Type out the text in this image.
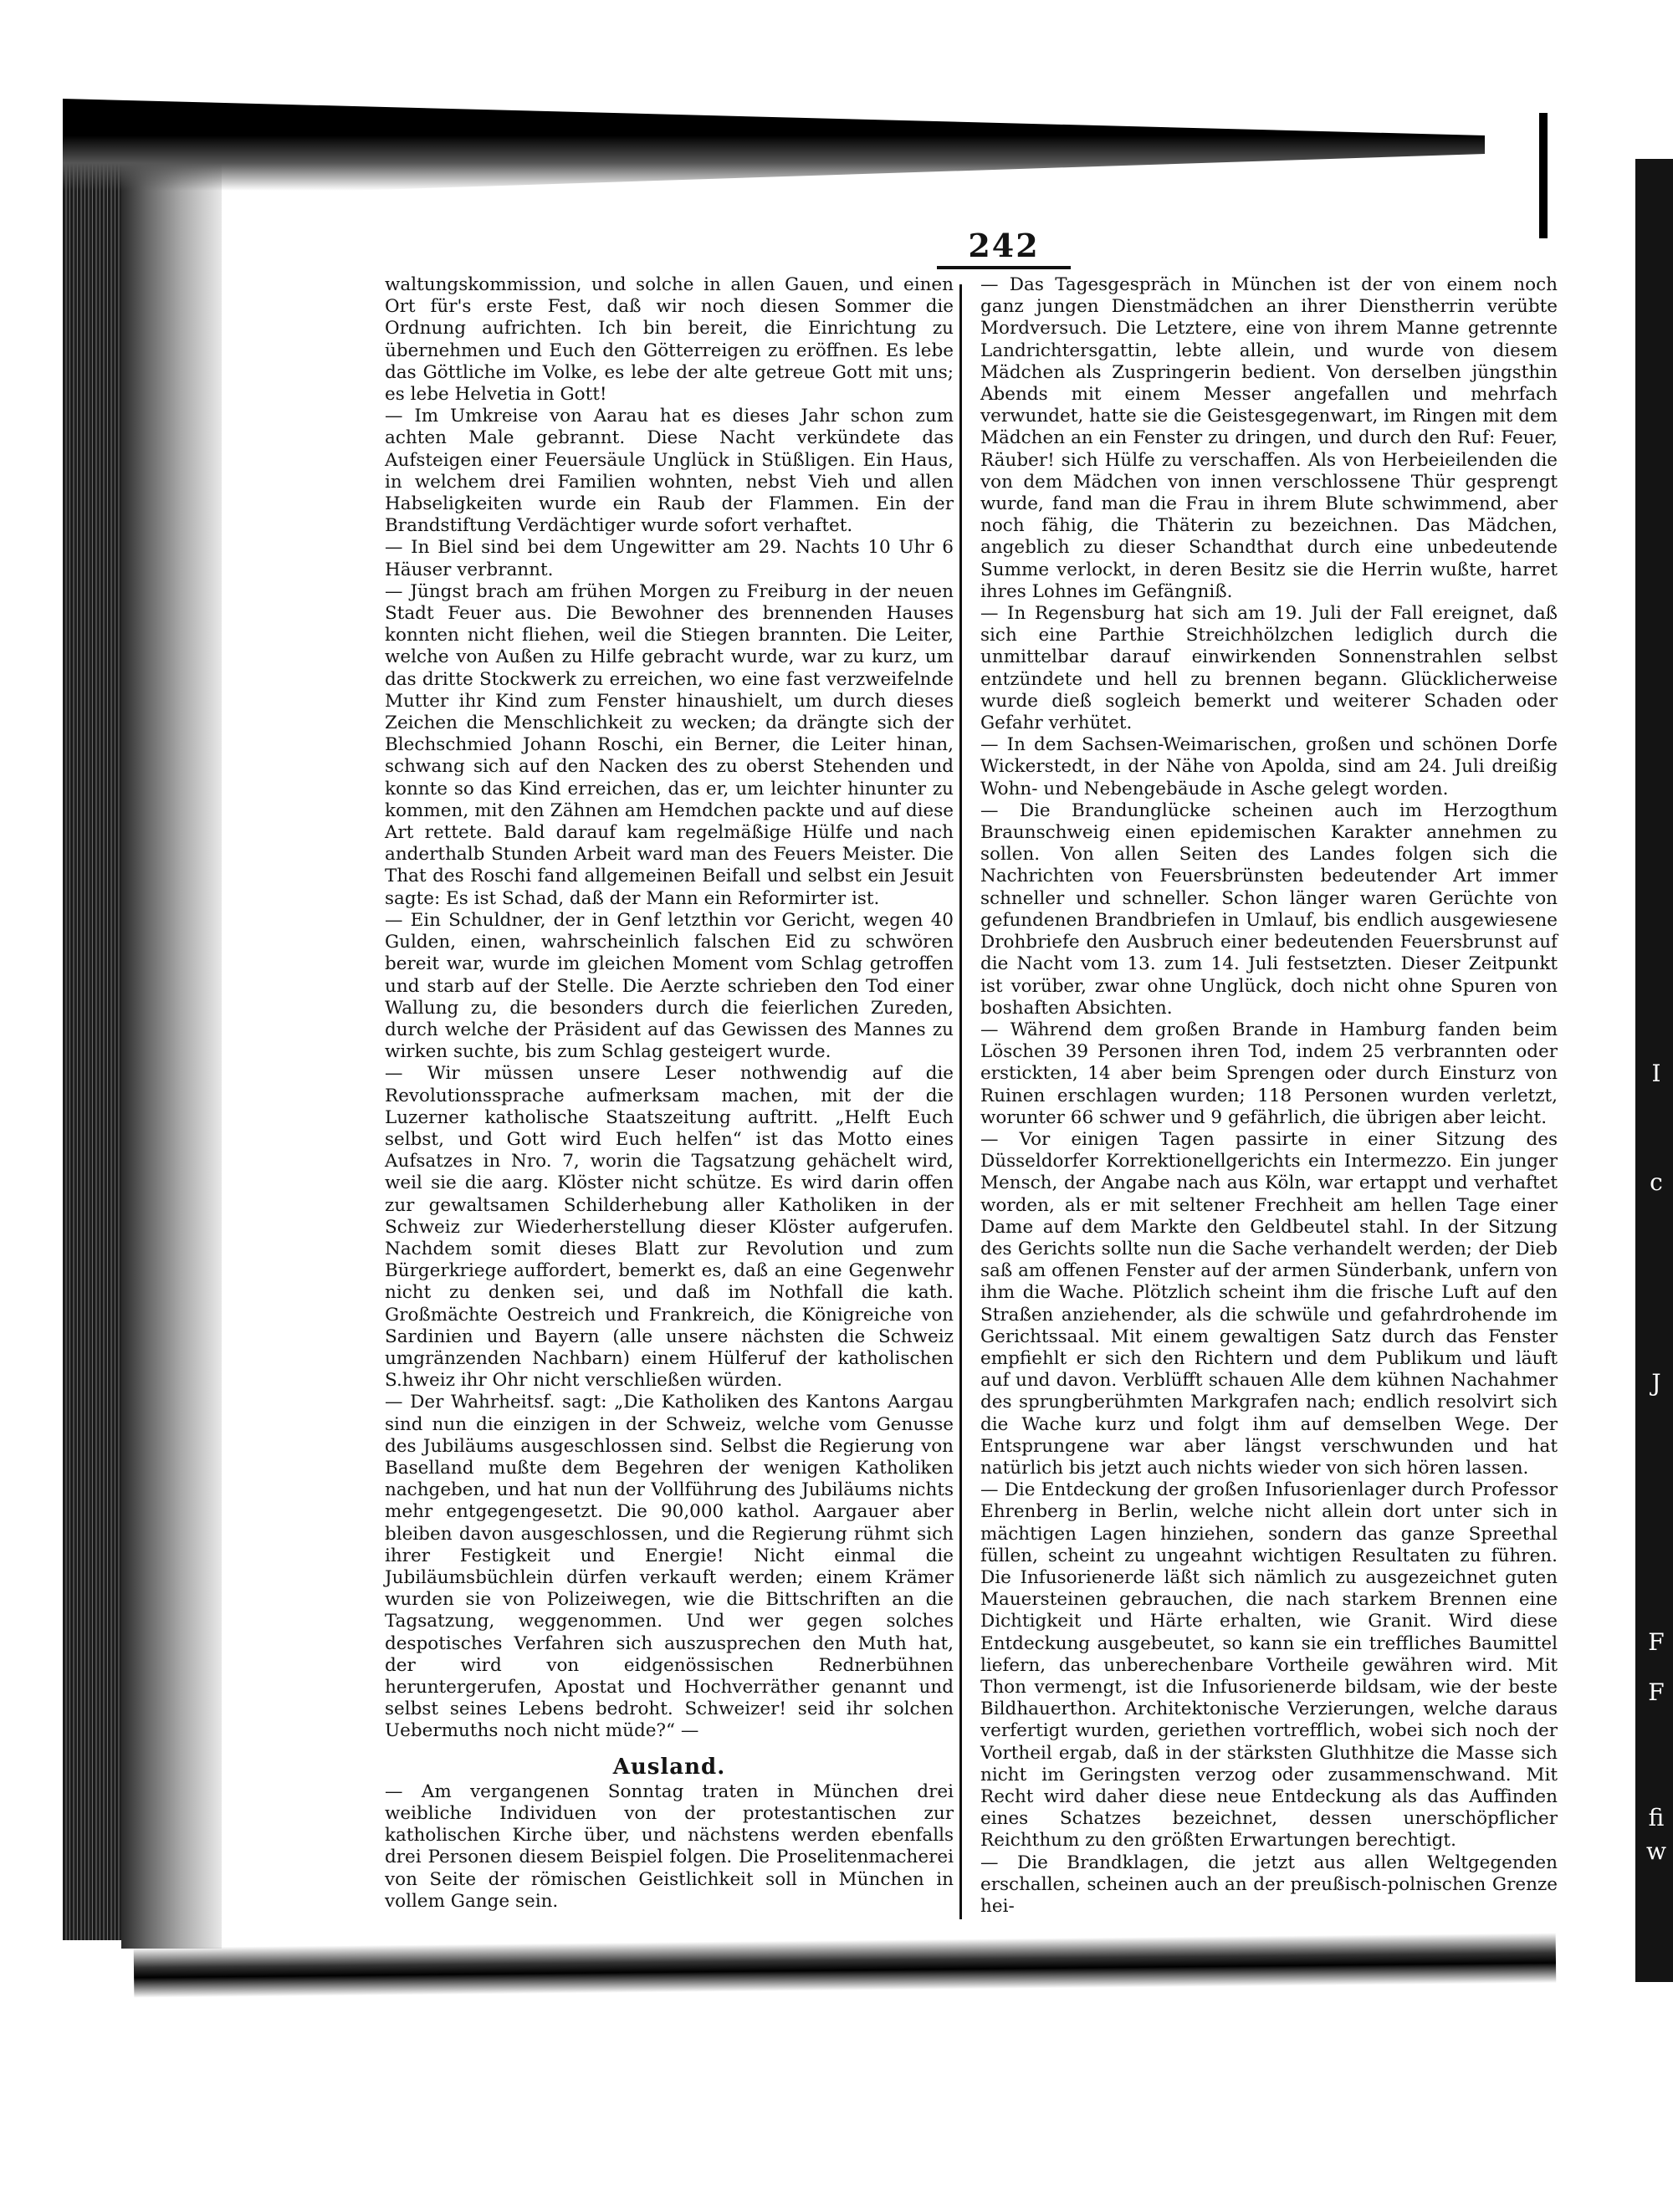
I
c
J
F
F
fi
w
242

waltungskommission, und solche in allen Gauen, und einen Ort für's erste Fest, daß wir noch diesen Sommer die Ordnung aufrichten. Ich bin bereit, die Einrichtung zu übernehmen und Euch den Götterreigen zu eröffnen. Es lebe das Göttliche im Volke, es lebe der alte getreue Gott mit uns; es lebe Helvetia in Gott!

— Im Umkreise von Aarau hat es dieses Jahr schon zum achten Male gebrannt. Diese Nacht verkündete das Aufsteigen einer Feuersäule Unglück in Stüßligen. Ein Haus, in welchem drei Familien wohnten, nebst Vieh und allen Habseligkeiten wurde ein Raub der Flammen. Ein der Brandstiftung Verdächtiger wurde sofort verhaftet.

— In Biel sind bei dem Ungewitter am 29. Nachts 10 Uhr 6 Häuser verbrannt.

— Jüngst brach am frühen Morgen zu Freiburg in der neuen Stadt Feuer aus. Die Bewohner des brennenden Hauses konnten nicht fliehen, weil die Stiegen brannten. Die Leiter, welche von Außen zu Hilfe gebracht wurde, war zu kurz, um das dritte Stockwerk zu erreichen, wo eine fast verzweifelnde Mutter ihr Kind zum Fenster hinaushielt, um durch dieses Zeichen die Menschlichkeit zu wecken; da drängte sich der Blechschmied Johann Roschi, ein Berner, die Leiter hinan, schwang sich auf den Nacken des zu oberst Stehenden und konnte so das Kind erreichen, das er, um leichter hinunter zu kommen, mit den Zähnen am Hemdchen packte und auf diese Art rettete. Bald darauf kam regelmäßige Hülfe und nach anderthalb Stunden Arbeit ward man des Feuers Meister. Die That des Roschi fand allgemeinen Beifall und selbst ein Jesuit sagte: Es ist Schad, daß der Mann ein Reformirter ist.

— Ein Schuldner, der in Genf letzthin vor Gericht, wegen 40 Gulden, einen, wahrscheinlich falschen Eid zu schwören bereit war, wurde im gleichen Moment vom Schlag getroffen und starb auf der Stelle. Die Aerzte schrieben den Tod einer Wallung zu, die besonders durch die feierlichen Zureden, durch welche der Präsident auf das Gewissen des Mannes zu wirken suchte, bis zum Schlag gesteigert wurde.

— Wir müssen unsere Leser nothwendig auf die Revolutionssprache aufmerksam machen, mit der die Luzerner katholische Staatszeitung auftritt. „Helft Euch selbst, und Gott wird Euch helfen“ ist das Motto eines Aufsatzes in Nro. 7, worin die Tagsatzung gehächelt wird, weil sie die aarg. Klöster nicht schütze. Es wird darin offen zur gewaltsamen Schilderhebung aller Katholiken in der Schweiz zur Wiederherstellung dieser Klöster aufgerufen. Nachdem somit dieses Blatt zur Revolution und zum Bürgerkriege auffordert, bemerkt es, daß an eine Gegenwehr nicht zu denken sei, und daß im Nothfall die kath. Großmächte Oestreich und Frankreich, die Königreiche von Sardinien und Bayern (alle unsere nächsten die Schweiz umgränzenden Nachbarn) einem Hülferuf der katholischen S.hweiz ihr Ohr nicht verschließen würden.

— Der Wahrheitsf. sagt: „Die Katholiken des Kantons Aargau sind nun die einzigen in der Schweiz, welche vom Genusse des Jubiläums ausgeschlossen sind. Selbst die Regierung von Baselland mußte dem Begehren der wenigen Katholiken nachgeben, und hat nun der Vollführung des Jubiläums nichts mehr entgegengesetzt. Die 90,000 kathol. Aargauer aber bleiben davon ausgeschlossen, und die Regierung rühmt sich ihrer Festigkeit und Energie! Nicht einmal die Jubiläumsbüchlein dürfen verkauft werden; einem Krämer wurden sie von Polizeiwegen, wie die Bittschriften an die Tagsatzung, weggenommen. Und wer gegen solches despotisches Verfahren sich auszusprechen den Muth hat, der wird von eidgenössischen Rednerbühnen heruntergerufen, Apostat und Hochverräther genannt und selbst seines Lebens bedroht. Schweizer! seid ihr solchen Uebermuths noch nicht müde?“ —

Ausland.

— Am vergangenen Sonntag traten in München drei weibliche Individuen von der protestantischen zur katholischen Kirche über, und nächstens werden ebenfalls drei Personen diesem Beispiel folgen. Die Proselitenmacherei von Seite der römischen Geistlichkeit soll in München in vollem Gange sein.

— Das Tagesgespräch in München ist der von einem noch ganz jungen Dienstmädchen an ihrer Dienstherrin verübte Mordversuch. Die Letztere, eine von ihrem Manne getrennte Landrichtersgattin, lebte allein, und wurde von diesem Mädchen als Zuspringerin bedient. Von derselben jüngsthin Abends mit einem Messer angefallen und mehrfach verwundet, hatte sie die Geistesgegenwart, im Ringen mit dem Mädchen an ein Fenster zu dringen, und durch den Ruf: Feuer, Räuber! sich Hülfe zu verschaffen. Als von Herbeieilenden die von dem Mädchen von innen verschlossene Thür gesprengt wurde, fand man die Frau in ihrem Blute schwimmend, aber noch fähig, die Thäterin zu bezeichnen. Das Mädchen, angeblich zu dieser Schandthat durch eine unbedeutende Summe verlockt, in deren Besitz sie die Herrin wußte, harret ihres Lohnes im Gefängniß.

— In Regensburg hat sich am 19. Juli der Fall ereignet, daß sich eine Parthie Streichhölzchen lediglich durch die unmittelbar darauf einwirkenden Sonnenstrahlen selbst entzündete und hell zu brennen begann. Glücklicherweise wurde dieß sogleich bemerkt und weiterer Schaden oder Gefahr verhütet.

— In dem Sachsen-Weimarischen, großen und schönen Dorfe Wickerstedt, in der Nähe von Apolda, sind am 24. Juli dreißig Wohn- und Nebengebäude in Asche gelegt worden.

— Die Brandunglücke scheinen auch im Herzogthum Braunschweig einen epidemischen Karakter annehmen zu sollen. Von allen Seiten des Landes folgen sich die Nachrichten von Feuersbrünsten bedeutender Art immer schneller und schneller. Schon länger waren Gerüchte von gefundenen Brandbriefen in Umlauf, bis endlich ausgewiesene Drohbriefe den Ausbruch einer bedeutenden Feuersbrunst auf die Nacht vom 13. zum 14. Juli festsetzten. Dieser Zeitpunkt ist vorüber, zwar ohne Unglück, doch nicht ohne Spuren von boshaften Absichten.

— Während dem großen Brande in Hamburg fanden beim Löschen 39 Personen ihren Tod, indem 25 verbrannten oder erstickten, 14 aber beim Sprengen oder durch Einsturz von Ruinen erschlagen wurden; 118 Personen wurden verletzt, worunter 66 schwer und 9 gefährlich, die übrigen aber leicht.

— Vor einigen Tagen passirte in einer Sitzung des Düsseldorfer Korrektionellgerichts ein Intermezzo. Ein junger Mensch, der Angabe nach aus Köln, war ertappt und verhaftet worden, als er mit seltener Frechheit am hellen Tage einer Dame auf dem Markte den Geldbeutel stahl. In der Sitzung des Gerichts sollte nun die Sache verhandelt werden; der Dieb saß am offenen Fenster auf der armen Sünderbank, unfern von ihm die Wache. Plötzlich scheint ihm die frische Luft auf den Straßen anziehender, als die schwüle und gefahrdrohende im Gerichtssaal. Mit einem gewaltigen Satz durch das Fenster empfiehlt er sich den Richtern und dem Publikum und läuft auf und davon. Verblüfft schauen Alle dem kühnen Nachahmer des sprungberühmten Markgrafen nach; endlich resolvirt sich die Wache kurz und folgt ihm auf demselben Wege. Der Entsprungene war aber längst verschwunden und hat natürlich bis jetzt auch nichts wieder von sich hören lassen.

— Die Entdeckung der großen Infusorienlager durch Professor Ehrenberg in Berlin, welche nicht allein dort unter sich in mächtigen Lagen hinziehen, sondern das ganze Spreethal füllen, scheint zu ungeahnt wichtigen Resultaten zu führen. Die Infusorienerde läßt sich nämlich zu ausgezeichnet guten Mauersteinen gebrauchen, die nach starkem Brennen eine Dichtigkeit und Härte erhalten, wie Granit. Wird diese Entdeckung ausgebeutet, so kann sie ein treffliches Baumittel liefern, das unberechenbare Vortheile gewähren wird. Mit Thon vermengt, ist die Infusorienerde bildsam, wie der beste Bildhauerthon. Architektonische Verzierungen, welche daraus verfertigt wurden, geriethen vortrefflich, wobei sich noch der Vortheil ergab, daß in der stärksten Gluthhitze die Masse sich nicht im Geringsten verzog oder zusammenschwand. Mit Recht wird daher diese neue Entdeckung als das Auffinden eines Schatzes bezeichnet, dessen unerschöpflicher Reichthum zu den größten Erwartungen berechtigt.

— Die Brandklagen, die jetzt aus allen Weltgegenden erschallen, scheinen auch an der preußisch-polnischen Grenze hei-
